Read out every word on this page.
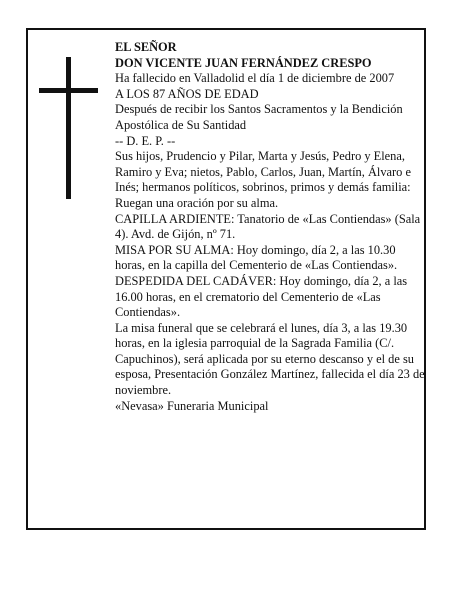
EL SEÑOR

DON VICENTE JUAN FERNÁNDEZ CRESPO

Ha fallecido en Valladolid el día 1 de diciembre de 2007

A LOS 87 AÑOS DE EDAD

Después de recibir los Santos Sacramentos y la Bendición Apostólica de Su Santidad

-- D. E. P. --

Sus hijos, Prudencio y Pilar, Marta y Jesús, Pedro y Elena, Ramiro y Eva; nietos, Pablo, Carlos, Juan, Martín, Álvaro e Inés; hermanos políticos, sobrinos, primos y demás familia:

Ruegan una oración por su alma.

CAPILLA ARDIENTE: Tanatorio de «Las Contiendas» (Sala 4). Avd. de Gijón, nº 71.

MISA POR SU ALMA: Hoy domingo, día 2, a las 10.30 horas, en la capilla del Cementerio de «Las Contiendas».

DESPEDIDA DEL CADÁVER: Hoy domingo, día 2, a las 16.00 horas, en el crematorio del Cementerio de «Las Contiendas».

La misa funeral que se celebrará el lunes, día 3, a las 19.30 horas, en la iglesia parroquial de la Sagrada Familia (C/. Capuchinos), será aplicada por su eterno descanso y el de su esposa, Presentación González Martínez, fallecida el día 23 de noviembre.

«Nevasa» Funeraria Municipal
